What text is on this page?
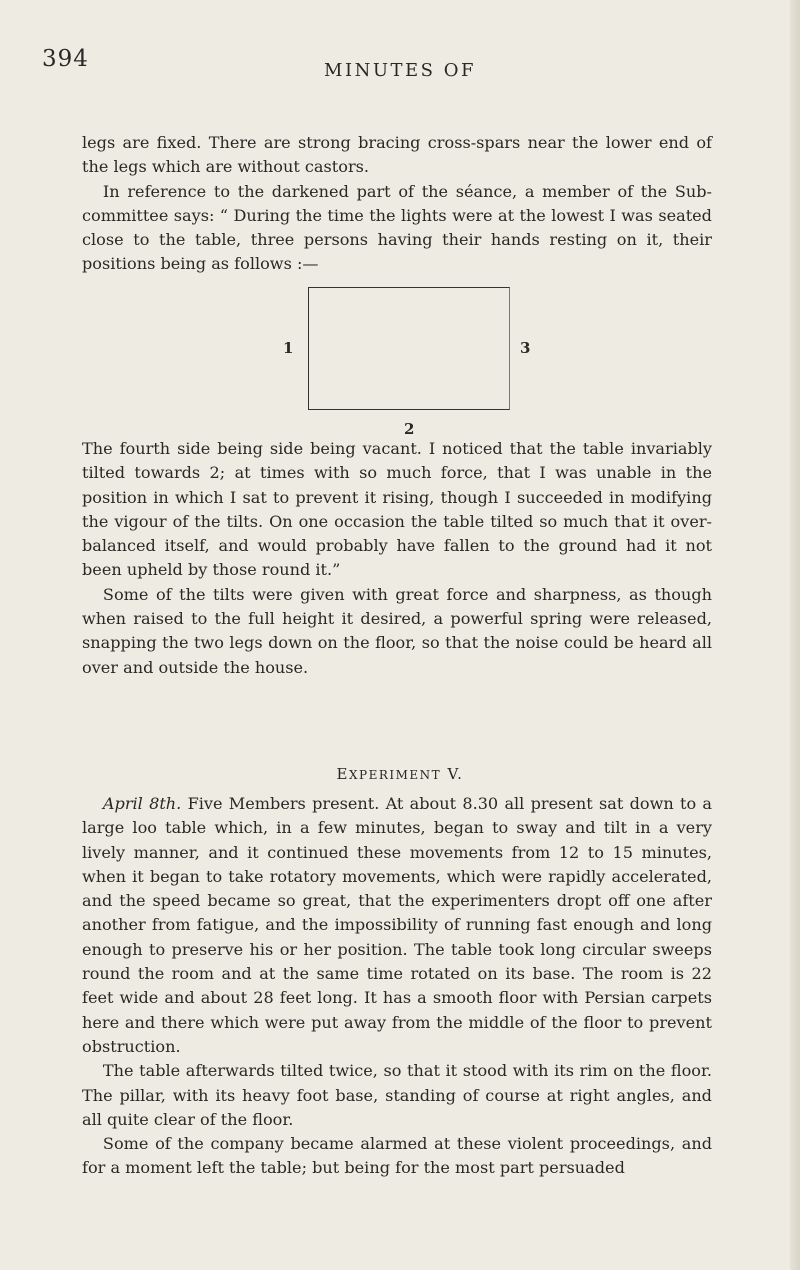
394	MINUTES OF

legs are fixed. There are strong bracing cross-spars near the lower end of the legs which are without castors.

In reference to the darkened part of the séance, a member of the Sub-committee says: “ During the time the lights were at the lowest I was seated close to the table, three persons having their hands resting on it, their positions being as follows :—

1	3
2

The fourth side being side being vacant. I noticed that the table invariably tilted towards 2; at times with so much force, that I was unable in the position in which I sat to prevent it rising, though I succeeded in modifying the vigour of the tilts. On one occasion the table tilted so much that it over-balanced itself, and would probably have fallen to the ground had it not been upheld by those round it.”

Some of the tilts were given with great force and sharpness, as though when raised to the full height it desired, a powerful spring were released, snapping the two legs down on the floor, so that the noise could be heard all over and outside the house.

EXPERIMENT V.

April 8th. Five Members present. At about 8.30 all present sat down to a large loo table which, in a few minutes, began to sway and tilt in a very lively manner, and it continued these movements from 12 to 15 minutes, when it began to take rotatory movements, which were rapidly accelerated, and the speed became so great, that the experimenters dropt off one after another from fatigue, and the impossibility of running fast enough and long enough to preserve his or her position. The table took long circular sweeps round the room and at the same time rotated on its base. The room is 22 feet wide and about 28 feet long. It has a smooth floor with Persian carpets here and there which were put away from the middle of the floor to prevent obstruction.

The table afterwards tilted twice, so that it stood with its rim on the floor. The pillar, with its heavy foot base, standing of course at right angles, and all quite clear of the floor.

Some of the company became alarmed at these violent proceedings, and for a moment left the table; but being for the most part persuaded
